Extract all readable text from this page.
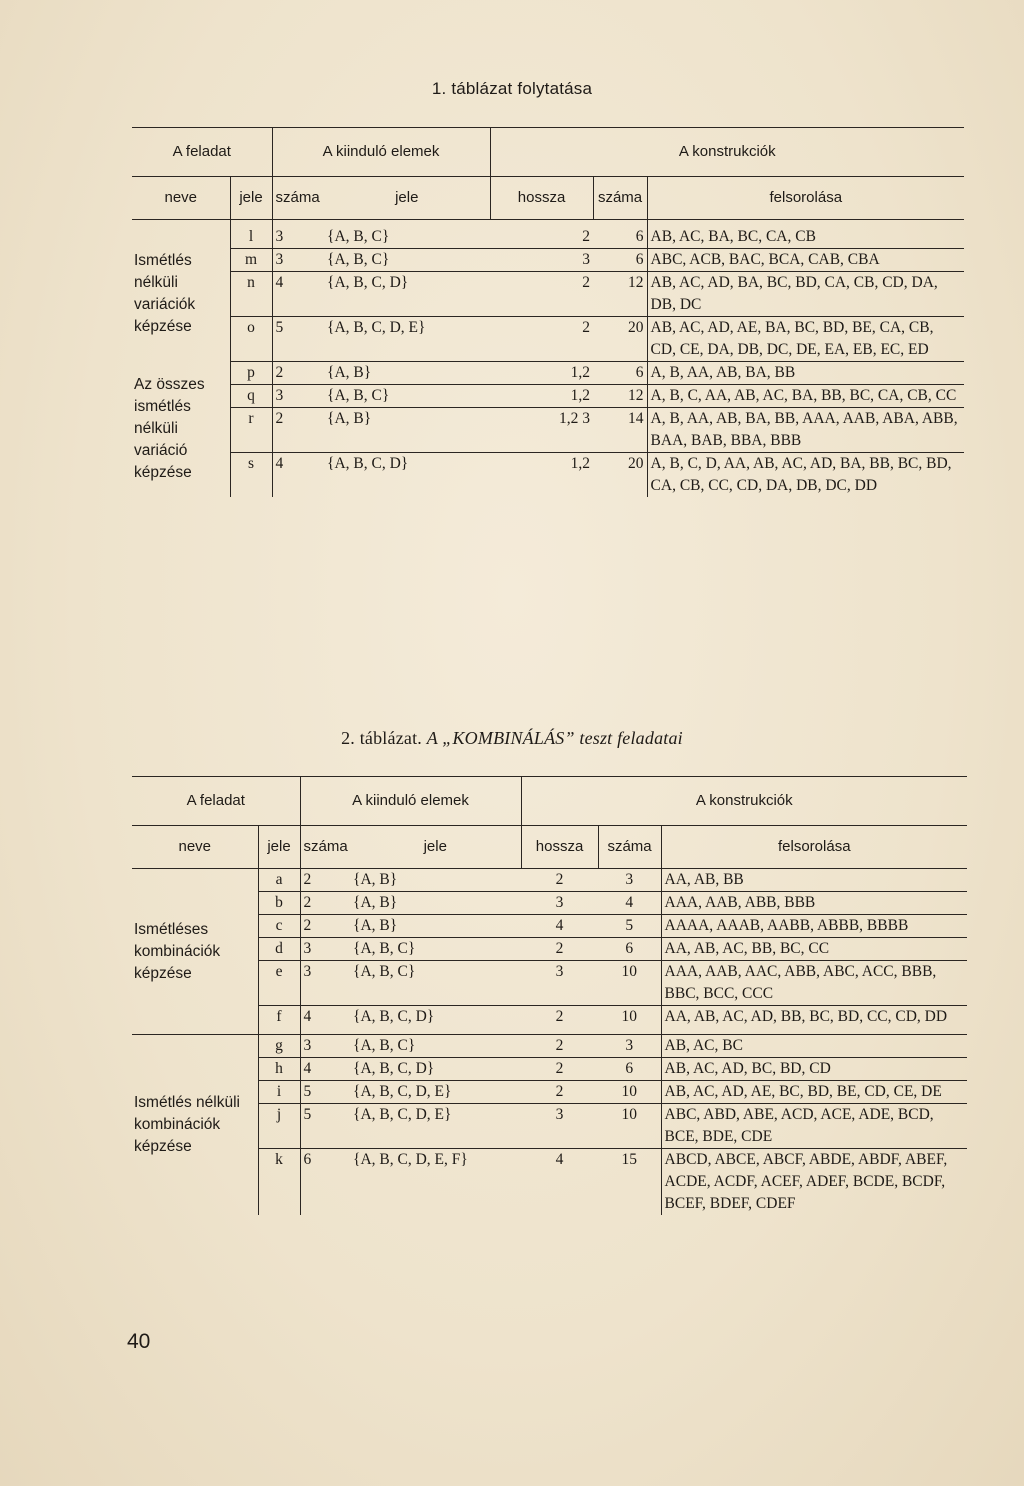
1. táblázat folytatása
A feladat		A kiinduló elemek		A konstrukciók		
neve	jele	száma	jele	hossza	száma	felsorolása

Ismétlés nélküli variációk képzése	l	3	{A, B, C}	2	6	AB, AC, BA, BC, CA, CB
	m	3	{A, B, C}	3	6	ABC, ACB, BAC, BCA, CAB, CBA
	n	4	{A, B, C, D}	2	12	AB, AC, AD, BA, BC, BD, CA, CB, CD, DA, DB, DC
	o	5	{A, B, C, D, E}	2	20	AB, AC, AD, AE, BA, BC, BD, BE, CA, CB, CD, CE, DA, DB, DC, DE, EA, EB, EC, ED
Az összes ismétlés nélküli variáció képzése	p	2	{A, B}	1,2	6	A, B, AA, AB, BA, BB
	q	3	{A, B, C}	1,2	12	A, B, C, AA, AB, AC, BA, BB, BC, CA, CB, CC
	r	2	{A, B}	1,2 3	14	A, B, AA, AB, BA, BB, AAA, AAB, ABA, ABB, BAA, BAB, BBA, BBB
	s	4	{A, B, C, D}	1,2	20	A, B, C, D, AA, AB, AC, AD, BA, BB, BC, BD, CA, CB, CC, CD, DA, DB, DC, DD
2. táblázat. A „KOMBINÁLÁS” teszt feladatai
A feladat		A kiinduló elemek		A konstrukciók		
neve	jele	száma	jele	hossza	száma	felsorolása
Ismétléses kombinációk képzése	a	2	{A, B}	2	3	AA, AB, BB
	b	2	{A, B}	3	4	AAA, AAB, ABB, BBB
	c	2	{A, B}	4	5	AAAA, AAAB, AABB, ABBB, BBBB
	d	3	{A, B, C}	2	6	AA, AB, AC, BB, BC, CC
	e	3	{A, B, C}	3	10	AAA, AAB, AAC, ABB, ABC, ACC, BBB, BBC, BCC, CCC
	f	4	{A, B, C, D}	2	10	AA, AB, AC, AD, BB, BC, BD, CC, CD, DD
Ismétlés nélküli kombinációk képzése	g	3	{A, B, C}	2	3	AB, AC, BC
	h	4	{A, B, C, D}	2	6	AB, AC, AD, BC, BD, CD
	i	5	{A, B, C, D, E}	2	10	AB, AC, AD, AE, BC, BD, BE, CD, CE, DE
	j	5	{A, B, C, D, E}	3	10	ABC, ABD, ABE, ACD, ACE, ADE, BCD, BCE, BDE, CDE
	k	6	{A, B, C, D, E, F}	4	15	ABCD, ABCE, ABCF, ABDE, ABDF, ABEF, ACDE, ACDF, ACEF, ADEF, BCDE, BCDF, BCEF, BDEF, CDEF
40
